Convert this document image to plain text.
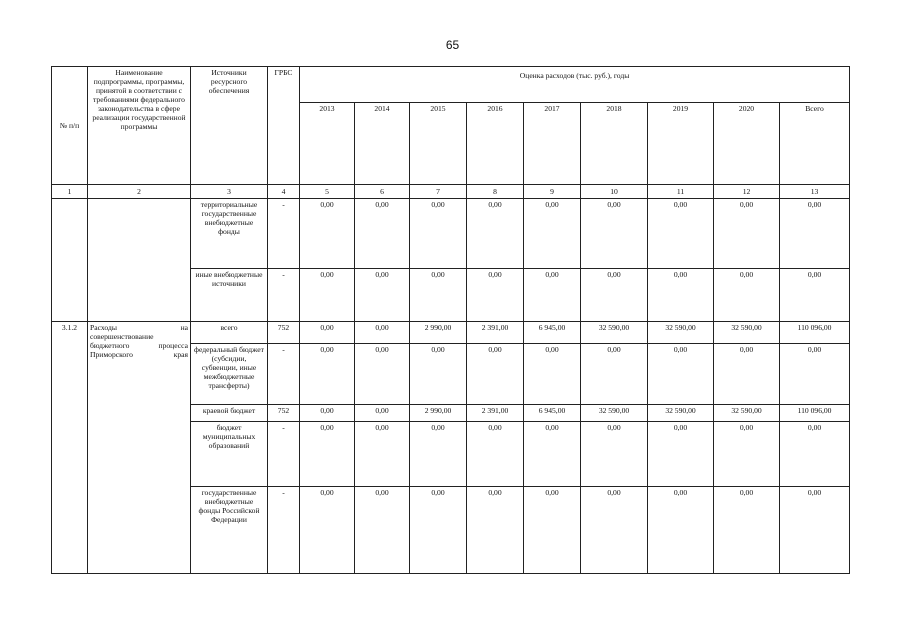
65
№ п/п	Наименование подпрограммы, программы, принятой в соответствии с требованиями федерального законодательства в сфере реализации государственной программы	Источники ресурсного обеспечения	ГРБС	Оценка расходов (тыс. руб.), годы								

				2013	2014	2015	2016	2017	2018	2019	2020	Всего
1	2	3	4	5	6	7	8	9	10	11	12	13
		территориальные государственные внебюджетные фонды	-	0,00	0,00	0,00	0,00	0,00	0,00	0,00	0,00	0,00
		иные внебюджетные источники	-	0,00	0,00	0,00	0,00	0,00	0,00	0,00	0,00	0,00
3.1.2	Расходы на совершенствование бюджетного процесса Приморского края	всего	752	0,00	0,00	2 990,00	2 391,00	6 945,00	32 590,00	32 590,00	32 590,00	110 096,00
		федеральный бюджет (субсидии, субвенции, иные межбюджетные трансферты)	-	0,00	0,00	0,00	0,00	0,00	0,00	0,00	0,00	0,00
		краевой бюджет	752	0,00	0,00	2 990,00	2 391,00	6 945,00	32 590,00	32 590,00	32 590,00	110 096,00
		бюджет муниципальных образований	-	0,00	0,00	0,00	0,00	0,00	0,00	0,00	0,00	0,00
		государственные внебюджетные фонды Российской Федерации	-	0,00	0,00	0,00	0,00	0,00	0,00	0,00	0,00	0,00
